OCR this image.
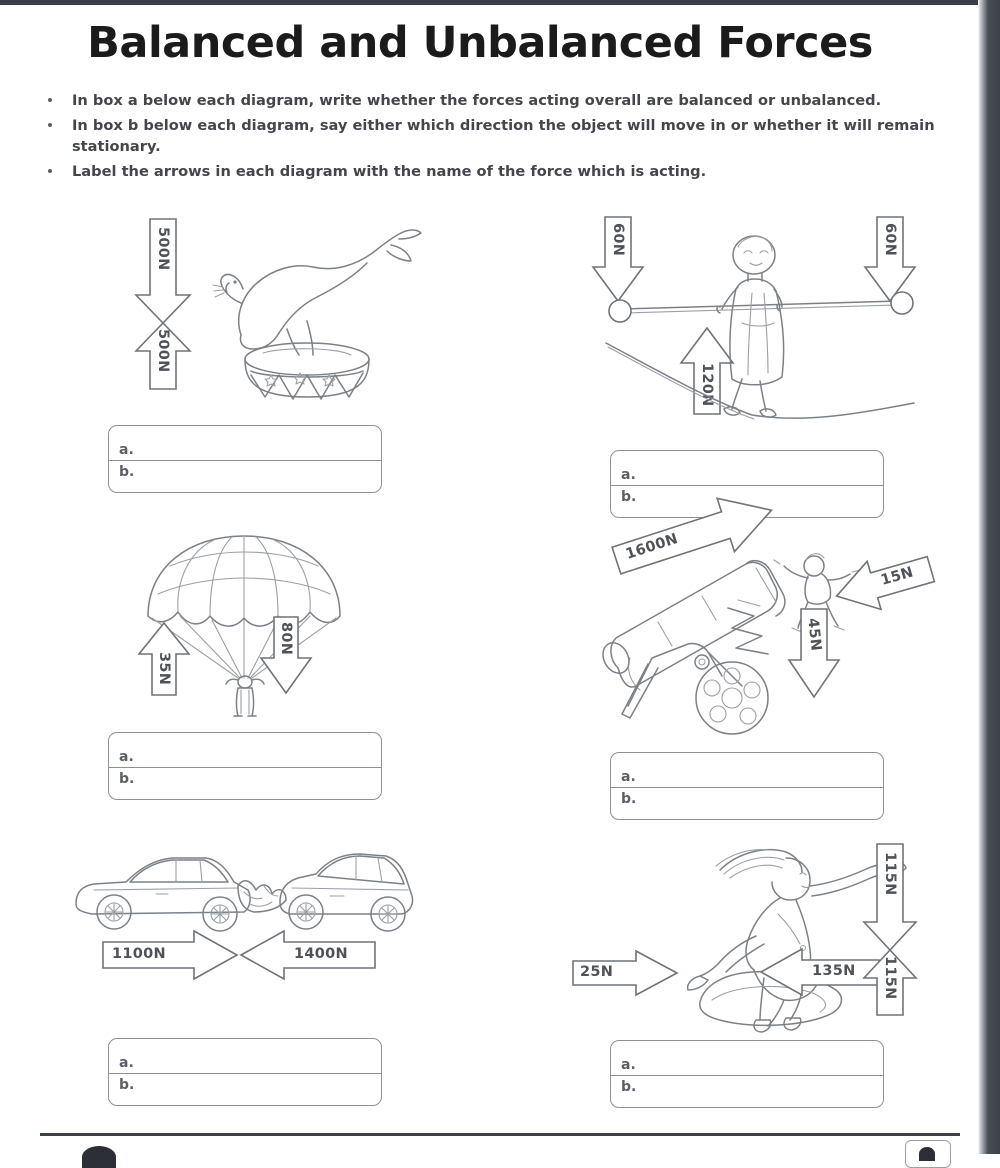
Balanced and Unbalanced Forces
In box a below each diagram, write whether the forces acting overall are balanced or unbalanced.
In box b below each diagram, say either which direction the object will move in or whether it will remain stationary.
Label the arrows in each diagram with the name of the force which is acting.
500N
500N
a.
b.
60N	60N
120N
a.
b.
35N
80N
a.
b.
1600N
15N
45N
a.
b.
1100N	1400N
a.
b.
25N	135N
115N
115N
a.
b.
